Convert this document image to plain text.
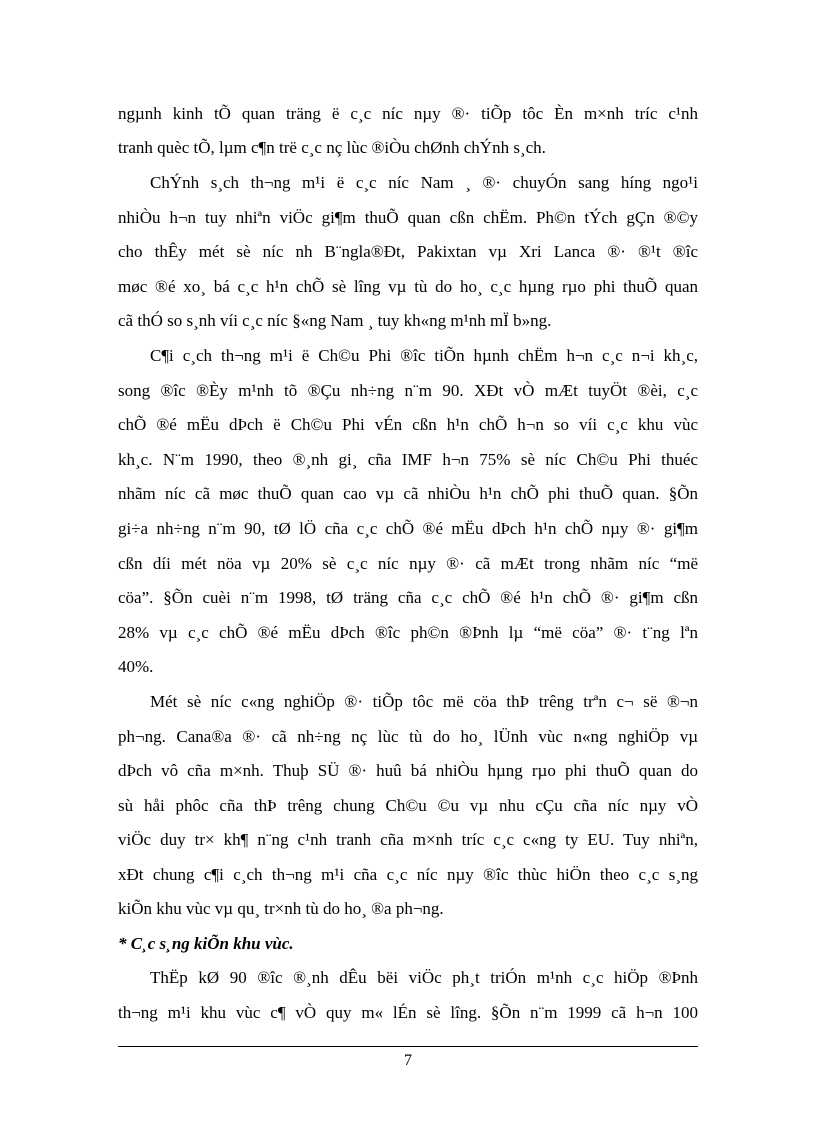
ngµnh kinh tÕ quan träng ë c¸c níc nµy ®· tiÕp tôc Èn m×nh tríc c¹nh
tranh quèc tÕ, lµm c¶n trë c¸c nç lùc ®iÒu chØnh chÝnh s¸ch.
ChÝnh s¸ch th¬ng m¹i ë c¸c níc Nam ¸ ®· chuyÓn sang híng ngo¹i
nhiÒu h¬n tuy nhiªn viÖc gi¶m thuÕ quan cßn chËm. Ph©n tÝch gÇn ®©y
cho thÊy mét sè níc nh B¨ngla®Ðt, Pakixtan vµ Xri Lanca ®· ®¹t ®îc
møc ®é xo¸ bá c¸c h¹n chÕ sè lîng vµ tù do ho¸ c¸c hµng rµo phi thuÕ quan
cã thÓ so s¸nh víi c¸c níc §«ng Nam ¸ tuy kh«ng m¹nh mÏ b»ng.
C¶i c¸ch th¬ng m¹i ë Ch©u Phi ®îc tiÕn hµnh chËm h¬n c¸c n¬i kh¸c,
song ®îc ®Èy m¹nh tõ ®Çu nh÷ng n¨m 90. XÐt vÒ mÆt tuyÖt ®èi, c¸c
chÕ ®é mËu dÞch ë Ch©u Phi vÉn cßn h¹n chÕ h¬n so víi c¸c khu vùc
kh¸c. N¨m 1990, theo ®¸nh gi¸ cña IMF h¬n 75% sè níc Ch©u Phi thuéc
nhãm níc cã møc thuÕ quan cao vµ cã nhiÒu h¹n chÕ phi thuÕ quan. §Õn
gi÷a nh÷ng n¨m 90, tØ lÖ cña c¸c chÕ ®é mËu dÞch h¹n chÕ nµy ®· gi¶m
cßn díi mét nöa vµ 20% sè c¸c níc nµy ®· cã mÆt trong nhãm níc “më
cöa”. §Õn cuèi n¨m 1998, tØ träng cña c¸c chÕ ®é h¹n chÕ ®· gi¶m cßn
28% vµ c¸c chÕ ®é mËu dÞch ®îc ph©n ®Þnh lµ “më cöa” ®· t¨ng lªn
40%.
Mét sè níc c«ng nghiÖp ®· tiÕp tôc më cöa thÞ trêng trªn c¬ së ®¬n
ph¬ng. Cana®a ®· cã nh÷ng nç lùc tù do ho¸ lÜnh vùc n«ng nghiÖp vµ
dÞch vô cña m×nh. Thuþ SÜ ®· huû bá nhiÒu hµng rµo phi thuÕ quan do
sù håi phôc cña thÞ trêng chung Ch©u ©u vµ nhu cÇu cña níc nµy vÒ
viÖc duy tr× kh¶ n¨ng c¹nh tranh cña m×nh tríc c¸c c«ng ty EU. Tuy nhiªn,
xÐt chung c¶i c¸ch th¬ng m¹i cña c¸c níc nµy ®îc thùc hiÖn theo c¸c s¸ng
kiÕn khu vùc vµ qu¸ tr×nh tù do ho¸ ®a ph¬ng.
* C¸c s¸ng kiÕn khu vùc.
ThËp kØ 90 ®îc ®¸nh dÊu bëi viÖc ph¸t triÓn m¹nh c¸c hiÖp ®Þnh
th¬ng m¹i khu vùc c¶ vÒ quy m« lÉn sè lîng. §Õn n¨m 1999 cã h¬n 100
7
